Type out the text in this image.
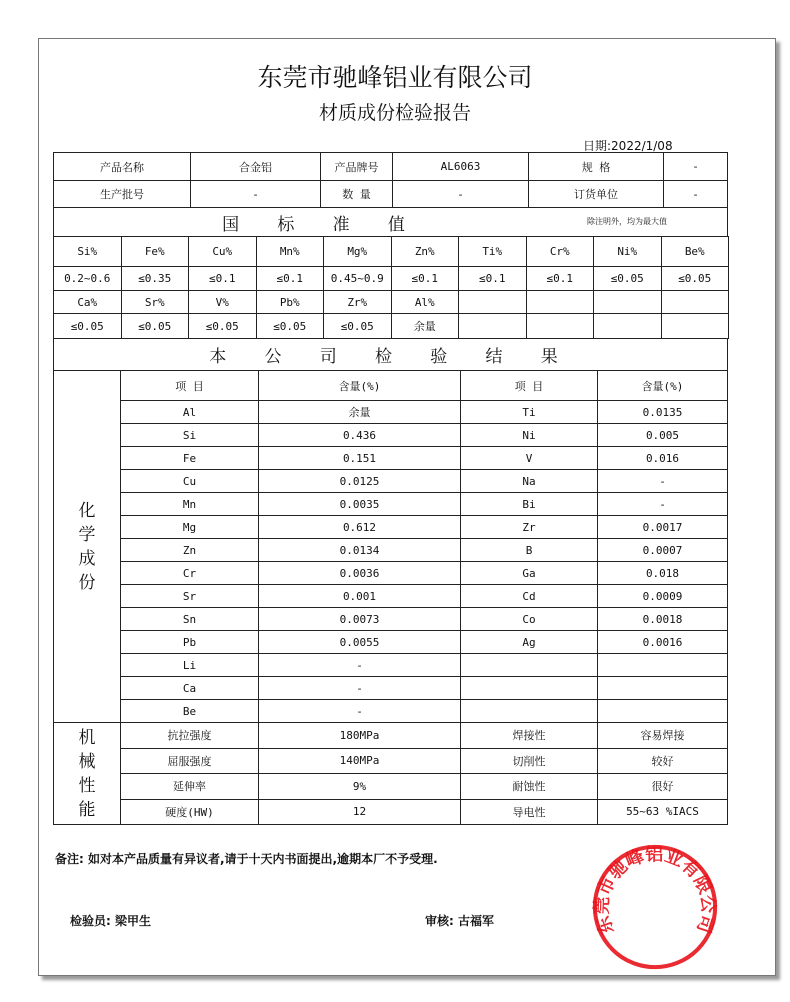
东莞市驰峰铝业有限公司
材质成份检验报告
日期:2022/1/08
产品名称	合金铝	产品牌号	AL6063	规 格	-
生产批号	-	数 量	-	订货单位	-

除注明外，均为最大值
国 标 准 值					
Si%	Fe%	Cu%	Mn%	Mg%	Zn%	Ti%	Cr%	Ni%	Be%
0.2~0.6	≤0.35	≤0.1	≤0.1	0.45~0.9	≤0.1	≤0.1	≤0.1	≤0.05	≤0.05
Ca%	Sr%	V%	Pb%	Zr%	Al%				
≤0.05	≤0.05	≤0.05	≤0.05	≤0.05	余量				
本 公 司 检 验 结 果				

化学成份	项 目	含量(%)	项 目	含量(%)
	Al	余量	Ti	0.0135
	Si	0.436	Ni	0.005
	Fe	0.151	V	0.016
	Cu	0.0125	Na	-
	Mn	0.0035	Bi	-
	Mg	0.612	Zr	0.0017
	Zn	0.0134	B	0.0007
	Cr	0.0036	Ga	0.018
	Sr	0.001	Cd	0.0009
	Sn	0.0073	Co	0.0018
	Pb	0.0055	Ag	0.0016
	Li	-		
	Ca	-		
	Be	-		

机械性能	抗拉强度	180MPa	焊接性	容易焊接
	屈服强度	140MPa	切削性	较好
	延伸率	9%	耐蚀性	很好
	硬度(HW)	12	导电性	55~63 %IACS
备注: 如对本产品质量有异议者,请于十天内书面提出,逾期本厂不予受理.
检验员: 梁甲生	审核: 古福军	东莞市驰峰铝业有限公司
